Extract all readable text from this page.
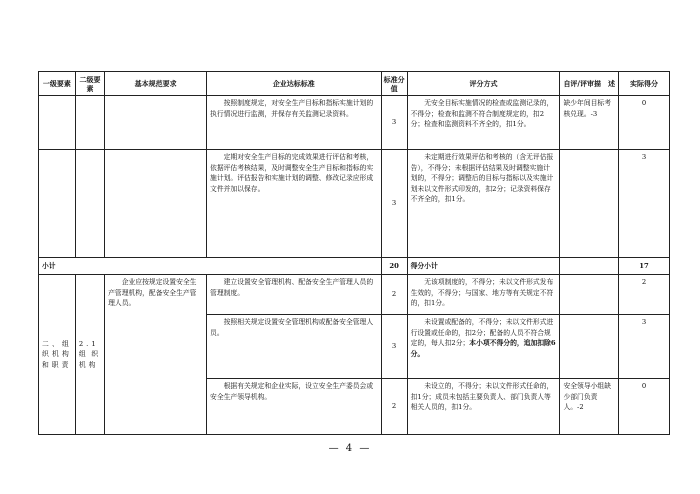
一级要素	二级要素	基本规范要求	企业达标标准	标准分值	评分方式	自评/评审描　述	实际得分
			按照制度规定，对安全生产目标和指标实施计划的执行情况进行监测，并保存有关监测记录资料。	3	无安全目标实施情况的检查或监测记录的，不得分；检查和监测不符合制度规定的，扣2分；检查和监测资料不齐全的，扣1分。	缺少年间目标考核兑现。-3	0
			定期对安全生产目标的完成效果进行评估和考核，依据评估考核结果，及时调整安全生产目标和指标的实施计划。评估报告和实施计划的调整、修改记录应形成文件并加以保存。	3	未定期进行效果评估和考核的（含无评估报告），不得分；未根据评估结果及时调整实施计划的，不得分；调整后的目标与指标以及实施计划未以文件形式印发的，扣2分；记录资料保存不齐全的，扣1分。		3
小计				20	得分小计		17
二、组织机构和职责	2.1 组织机构	企业应按规定设置安全生产管理机构，配备安全生产管理人员。	建立设置安全管理机构、配备安全生产管理人员的管理制度。	2	无该项制度的，不得分；未以文件形式发布生效的，不得分；与国家、地方等有关规定不符的，扣1分。		2
			按照相关规定设置安全管理机构或配备安全管理人员。	3	未设置或配备的，不得分；未以文件形式进行设置或任命的，扣2分；配备的人员不符合规定的，每人扣2分；本小项不得分的，追加扣除6分。		3
			根据有关规定和企业实际，设立安全生产委员会或安全生产领导机构。	2	未设立的，不得分；未以文件形式任命的，扣1分；成员未包括主要负责人、部门负责人等相关人员的，扣1分。	安全领导小组缺少部门负责人。-2	0
— 4 —
